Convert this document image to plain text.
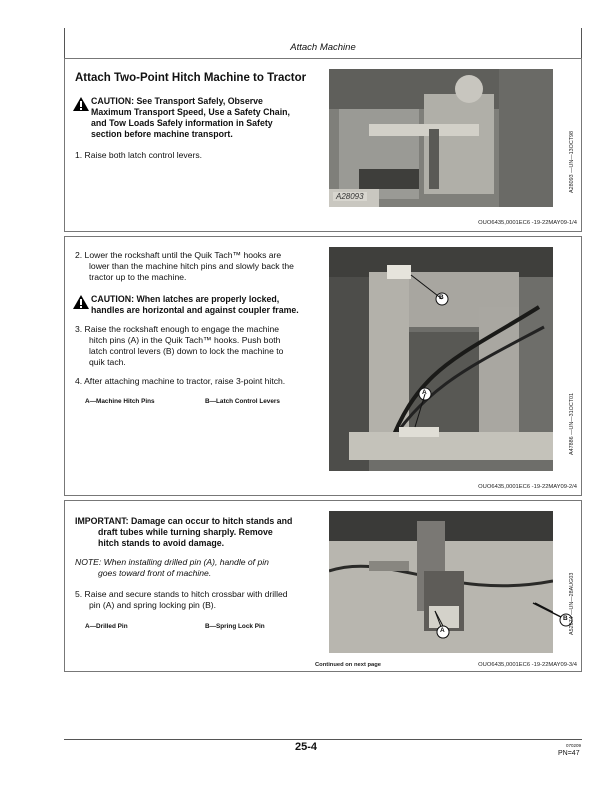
Attach Machine
Attach Two-Point Hitch Machine to Tractor
CAUTION: See Transport Safely, Observe
Maximum Transport Speed, Use a Safety Chain,
and Tow Loads Safely information in Safety
section before machine transport.
1. Raise both latch control levers.
A28093
A28093 —UN—13OCT98
OUO6435,0001EC6 -19-22MAY09-1/4
2. Lower the rockshaft until the Quik Tach™ hooks are
lower than the machine hitch pins and slowly back the
tractor up to the machine.
CAUTION: When latches are properly locked,
handles are horizontal and against coupler frame.
3. Raise the rockshaft enough to engage the machine
hitch pins (A) in the Quik Tach™ hooks. Push both
latch control levers (B) down to lock the machine to
quik tach.
4. After attaching machine to tractor, raise 3-point hitch.
A—Machine Hitch Pins	B—Latch Control Levers
B
A
A47886 —UN—31OCT01
OUO6435,0001EC6 -19-22MAY09-2/4
IMPORTANT: Damage can occur to hitch stands and
draft tubes while turning sharply. Remove
hitch stands to avoid damage.
NOTE: When installing drilled pin (A), handle of pin
goes toward front of machine.
5. Raise and secure stands to hitch crossbar with drilled
pin (A) and spring locking pin (B).
A—Drilled Pin	B—Spring Lock Pin
A
B A52674 —UN—28AUG03
Continued on next page	OUO6435,0001EC6 -19-22MAY09-3/4
25-4	070209
PN=47
